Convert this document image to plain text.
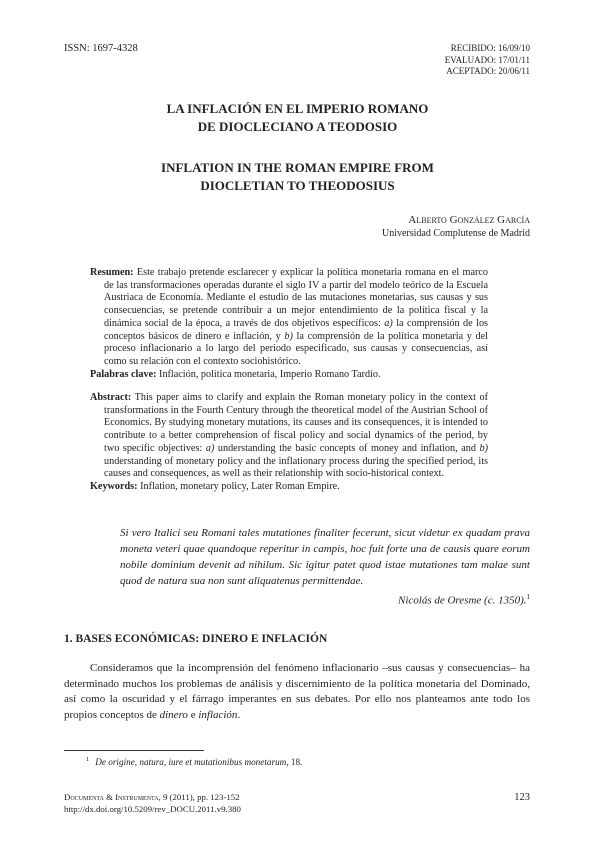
ISSN: 1697-4328	RECIBIDO: 16/09/10
EVALUADO: 17/01/11
ACEPTADO: 20/06/11
LA INFLACIÓN EN EL IMPERIO ROMANO
DE DIOCLECIANO A TEODOSIO
INFLATION IN THE ROMAN EMPIRE FROM
DIOCLETIAN TO THEODOSIUS
Alberto González García
Universidad Complutense de Madrid

Resumen: Este trabajo pretende esclarecer y explicar la política monetaria romana en el marco de las transformaciones operadas durante el siglo IV a partir del modelo teórico de la Escuela Austriaca de Economía. Mediante el estudio de las mutaciones monetarias, sus causas y sus consecuencias, se pretende contribuir a un mejor entendimiento de la política fiscal y la dinámica social de la época, a través de dos objetivos específicos: a) la comprensión de los conceptos básicos de dinero e inflación, y b) la comprensión de la política monetaria y del proceso inflacionario a lo largo del periodo especificado, sus causas y consecuencias, así como su relación con el contexto sociohistórico.

Palabras clave: Inflación, política monetaria, Imperio Romano Tardío.

Abstract: This paper aims to clarify and explain the Roman monetary policy in the context of transformations in the Fourth Century through the theoretical model of the Austrian School of Economics. By studying monetary mutations, its causes and its consequences, it is intended to contribute to a better comprehension of fiscal policy and social dynamics of the period, by two specific objectives: a) understanding the basic concepts of money and inflation, and b) understanding of monetary policy and the inflationary process during the specified period, its causes and consequences, as well as their relationship with socio-historical context.

Keywords: Inflation, monetary policy, Later Roman Empire.

Si vero Italici seu Romani tales mutationes finaliter fecerunt, sicut videtur ex quadam prava moneta veteri quae quandoque reperitur in campis, hoc fuit forte una de causis quare eorum nobile dominium devenit ad nihilum. Sic igitur patet quod istae mutationes tam malae sunt quod de natura sua non sunt aliquatenus permittendae.
Nicolás de Oresme (c. 1350).$^1$
1. BASES ECONÓMICAS: DINERO E INFLACIÓN

Consideramos que la incomprensión del fenómeno inflacionario –sus causas y consecuencias– ha determinado muchos los problemas de análisis y discernimiento de la política monetaria del Dominado, así como la oscuridad y el fárrago imperantes en sus debates. Por ello nos planteamos ante todo los propios conceptos de dinero e inflación.

$^1$ De origine, natura, iure et mutationibus monetarum, 18.
Documenta & Instrumenta, 9 (2011), pp. 123-152
http://dx.doi.org/10.5209/rev_DOCU.2011.v9.380
123
